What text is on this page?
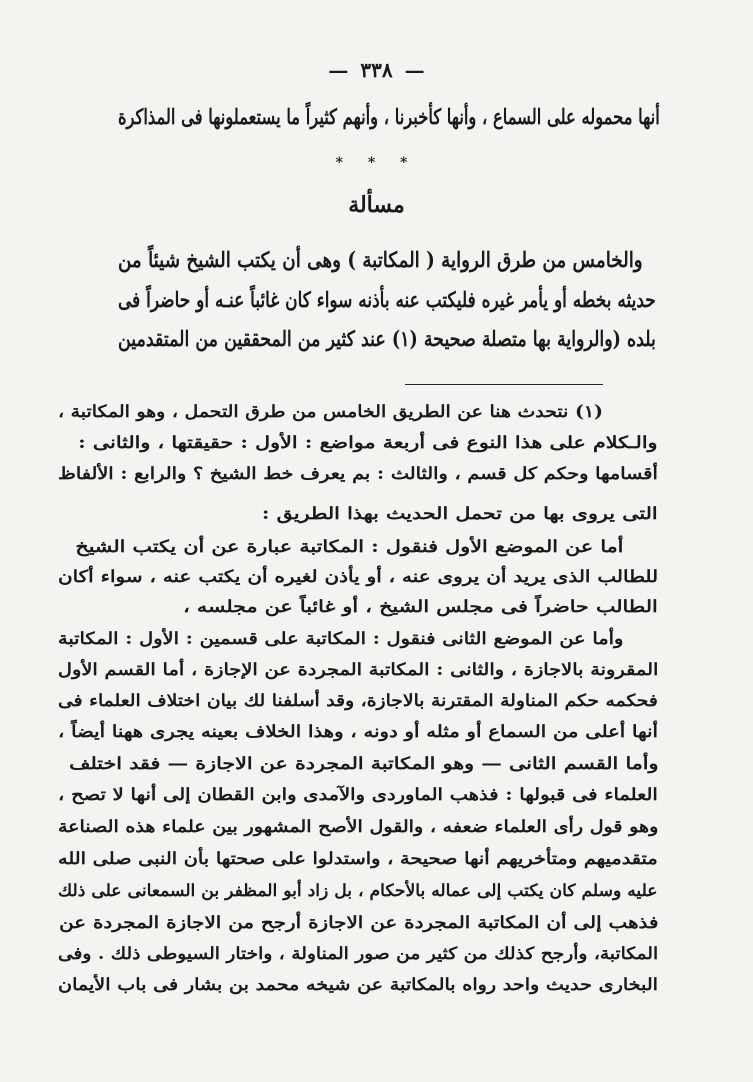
— ٣٣٨ —
أنها محموله على السماع ، وأنها كأخبرنا ، وأنهم كثيراً ما يستعملونها فى المذاكرة
* * *
مسألة
والخامس من طرق الرواية ( المكاتبة ) وهى أن يكتب الشيخ شيئاً من
حديثه بخطه أو يأمر غيره فليكتب عنه بأذنه سواء كان غائباً عنـه أو حاضراً فى
بلده (والرواية بها متصلة صحيحة (١) عند كثير من المحققين من المتقدمين
(١) نتحدث هنا عن الطريق الخامس من طرق التحمل ، وهو المكاتبة ،
والـكلام على هذا النوع فى أربعة مواضع : الأول : حقيقتها ، والثانى :
أقسامها وحكم كل قسم ، والثالث : بم يعرف خط الشيخ ؟ والرابع : الألفاظ
التى يروى بها من تحمل الحديث بهذا الطريق :
أما عن الموضع الأول فنقول : المكاتبة عبارة عن أن يكتب الشيخ
للطالب الذى يريد أن يروى عنه ، أو يأذن لغيره أن يكتب عنه ، سواء أكان
الطالب حاضراً فى مجلس الشيخ ، أو غائباً عن مجلسه ،
وأما عن الموضع الثانى فنقول : المكاتبة على قسمين : الأول : المكاتبة
المقرونة بالاجازة ، والثانى : المكاتبة المجردة عن الإجازة ، أما القسم الأول
فحكمه حكم المناولة المقترنة بالاجازة، وقد أسلفنا لك بيان اختلاف العلماء فى
أنها أعلى من السماع أو مثله أو دونه ، وهذا الخلاف بعينه يجرى ههنا أيضاً ،
وأما القسم الثانى — وهو المكاتبة المجردة عن الاجازة — فقد اختلف
العلماء فى قبولها : فذهب الماوردى والآمدى وابن القطان إلى أنها لا تصح ،
وهو قول رأى العلماء ضعفه ، والقول الأصح المشهور بين علماء هذه الصناعة
متقدميهم ومتأخريهم أنها صحيحة ، واستدلوا على صحتها بأن النبى صلى الله
عليه وسلم كان يكتب إلى عماله بالأحكام ، بل زاد أبو المظفر بن السمعانى على ذلك
فذهب إلى أن المكاتبة المجردة عن الاجازة أرجح من الاجازة المجردة عن
المكاتبة، وأرجح كذلك من كثير من صور المناولة ، واختار السيوطى ذلك . وفى
البخارى حديث واحد رواه بالمكاتبة عن شيخه محمد بن بشار فى باب الأيمان
